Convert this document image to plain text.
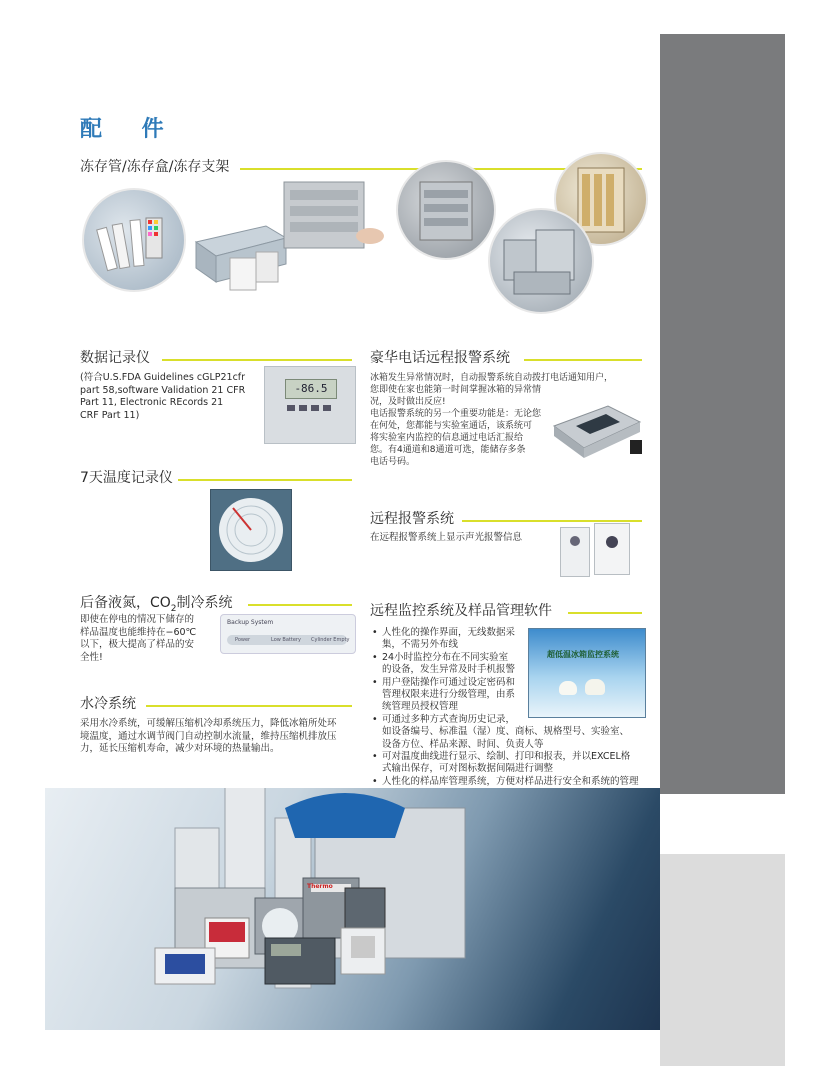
配 件
冻存管/冻存盒/冻存支架
数据记录仪
(符合U.S.FDA Guidelines cGLP21cfr
part 58,software Validation 21 CFR
Part 11, Electronic REcords 21
CRF Part 11)
-86.5
7天温度记录仪
后备液氮，$CO_2$制冷系统
即使在停电的情况下储存的
样品温度也能维持在−60℃
以下，极大提高了样品的安
全性!
Backup System
Power	Low Battery Cylinder Empty
水冷系统
采用水冷系统，可缓解压缩机冷却系统压力，降低冰箱所处环
境温度，通过水调节阀门自动控制水流量，维持压缩机排放压
力，延长压缩机寿命，减少对环境的热量输出。
豪华电话远程报警系统
冰箱发生异常情况时，自动报警系统自动拨打电话通知用户，
您即使在家也能第一时间掌握冰箱的异常情
况，及时做出反应!
电话报警系统的另一个重要功能是：无论您
在何处，您都能与实验室通话，该系统可
将实验室内监控的信息通过电话汇报给
您。有4通道和8通道可选，能储存多条
电话号码。
远程报警系统
在远程报警系统上显示声光报警信息
远程监控系统及样品管理软件
超低温冰箱监控系统
• 人性化的操作界面，无线数据采
集，不需另外布线
• 24小时监控分布在不同实验室
的设备，发生异常及时手机报警
• 用户登陆操作可通过设定密码和
管理权限来进行分级管理，由系
统管理员授权管理
• 可通过多种方式查询历史记录，
如设备编号、标准温（湿）度、商标、规格型号、实验室、
设备方位、样品来源、时间、负责人等
• 可对温度曲线进行显示、绘制、打印和报表，并以EXCEL格
式输出保存，可对图标数据间隔进行调整
• 人性化的样品库管理系统，方便对样品进行安全和系统的管理
Thermo
